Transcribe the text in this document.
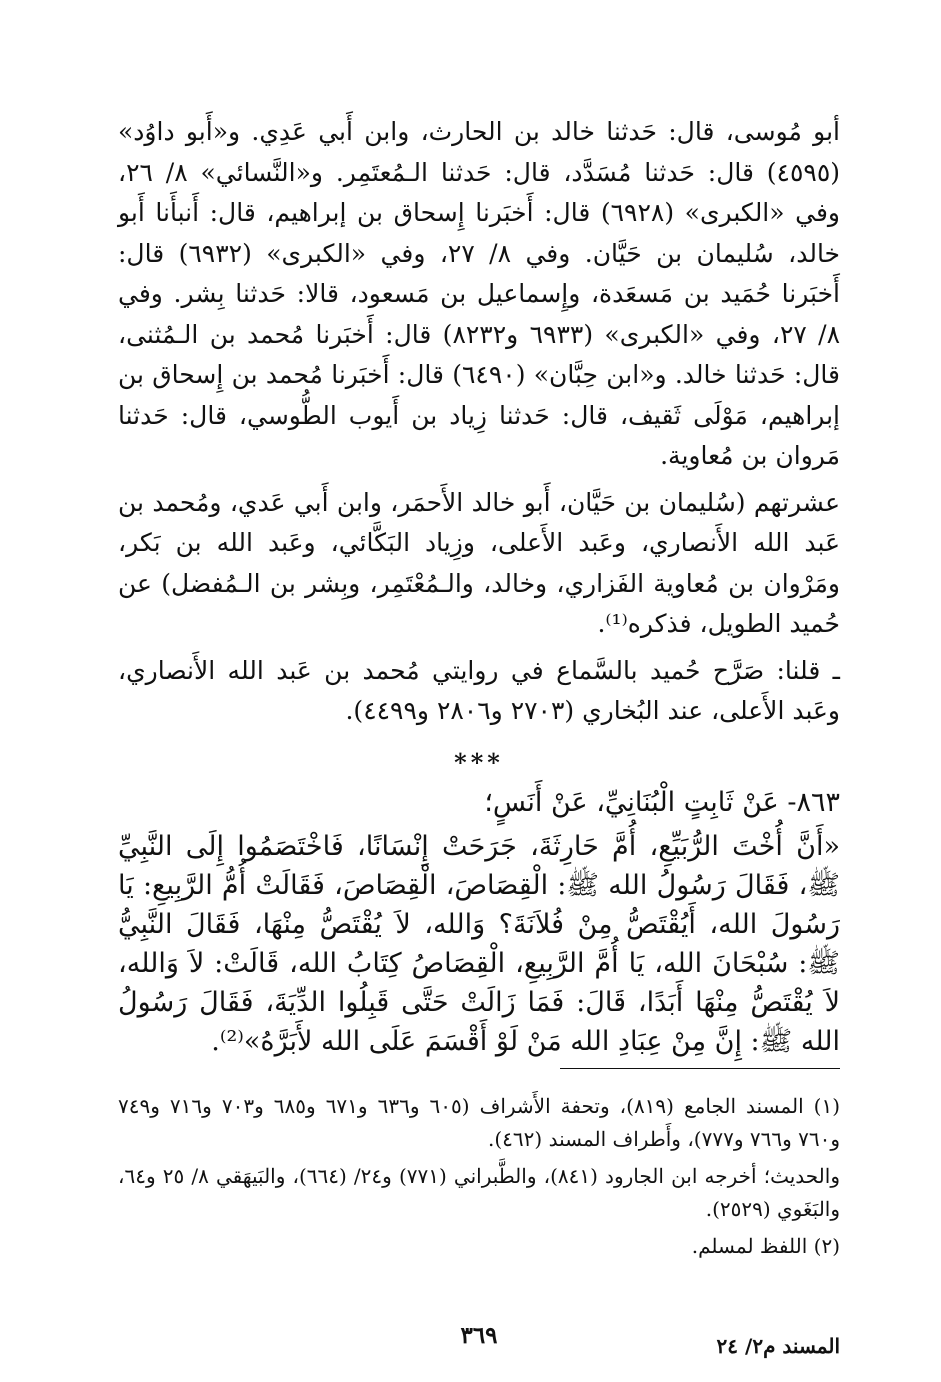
أبو مُوسى، قال: حَدثنا خالد بن الحارث، وابن أَبي عَدِي. و«أَبو داوُد» (٤٥٩٥) قال: حَدثنا مُسَدَّد، قال: حَدثنا الـمُعتَمِر. و«النَّسائي» ٨/ ٢٦، وفي «الكبرى» (٦٩٢٨) قال: أَخبَرنا إِسحاق بن إبراهيم، قال: أَنبأَنا أَبو خالد، سُليمان بن حَيَّان. وفي ٨/ ٢٧، وفي «الكبرى» (٦٩٣٢) قال: أَخبَرنا حُمَيد بن مَسعَدة، وإِسماعيل بن مَسعود، قالا: حَدثنا بِشر. وفي ٨/ ٢٧، وفي «الكبرى» (٦٩٣٣ و٨٢٣٢) قال: أَخبَرنا مُحمد بن الـمُثنى، قال: حَدثنا خالد. و«ابن حِبَّان» (٦٤٩٠) قال: أَخبَرنا مُحمد بن إِسحاق بن إبراهيم، مَوْلَى ثَقيف، قال: حَدثنا زِياد بن أَيوب الطُّوسي، قال: حَدثنا مَروان بن مُعاوية.

عشرتهم (سُليمان بن حَيَّان، أَبو خالد الأَحمَر، وابن أَبي عَدي، ومُحمد بن عَبد الله الأَنصاري، وعَبد الأَعلى، وزِياد البَكَّائي، وعَبد الله بن بَكر، ومَرْوان بن مُعاوية الفَزاري، وخالد، والـمُعْتَمِر، وبِشر بن الـمُفضل) عن حُميد الطويل، فذكره⁽¹⁾.

ـ قلنا: صَرَّح حُميد بالسَّماع في روايتي مُحمد بن عَبد الله الأَنصاري، وعَبد الأَعلى، عند البُخاري (٢٧٠٣ و٢٨٠٦ و٤٤٩٩).

***

٨٦٣- عَنْ ثَابِتٍ الْبُنَانِيِّ، عَنْ أَنَسٍ؛

«أَنَّ أُخْتَ الرُّبَيِّعِ، أُمَّ حَارِثَةَ، جَرَحَتْ إِنْسَانًا، فَاخْتَصَمُوا إِلَى النَّبِيِّ ﷺ، فَقَالَ رَسُولُ الله ﷺ: الْقِصَاصَ، الْقِصَاصَ، فَقَالَتْ أُمُّ الرَّبِيعِ: يَا رَسُولَ الله، أَيُقْتَصُّ مِنْ فُلاَنَةَ؟ وَالله، لاَ يُقْتَصُّ مِنْهَا، فَقَالَ النَّبِيُّ ﷺ: سُبْحَانَ الله، يَا أُمَّ الرَّبِيعِ، الْقِصَاصُ كِتَابُ الله، قَالَتْ: لاَ وَالله، لاَ يُقْتَصُّ مِنْهَا أَبَدًا، قَالَ: فَمَا زَالَتْ حَتَّى قَبِلُوا الدِّيَةَ، فَقَالَ رَسُولُ الله ﷺ: إِنَّ مِنْ عِبَادِ الله مَنْ لَوْ أَقْسَمَ عَلَى الله لأَبَرَّهُ»⁽²⁾.

(١) المسند الجامع (٨١٩)، وتحفة الأَشراف (٦٠٥ و٦٣٦ و٦٧١ و٦٨٥ و٧٠٣ و٧١٦ و٧٤٩ و٧٦٠ و٧٦٦ و٧٧٧)، وأَطراف المسند (٤٦٢).

والحديث؛ أخرجه ابن الجارود (٨٤١)، والطَّبراني (٧٧١) و٢٤/ (٦٦٤)، والبَيهَقي ٨/ ٢٥ و٦٤، والبَغَوي (٢٥٢٩).

(٢) اللفظ لمسلم.

٣٦٩	المسند م٢/ ٢٤
